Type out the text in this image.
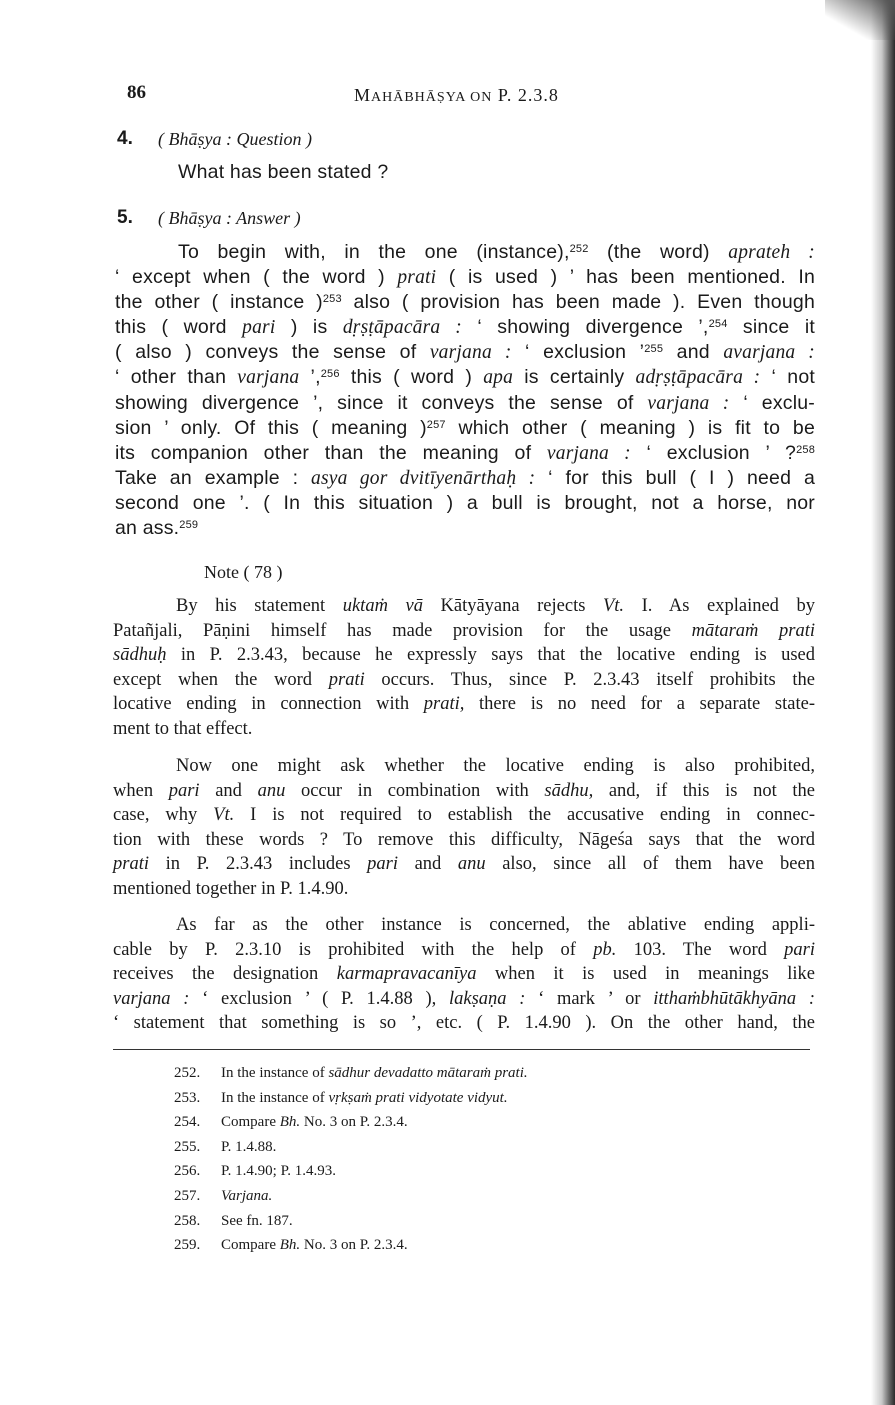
86	MAHĀBHĀṢYA ON P. 2.3.8
4. ( Bhāṣya : Question )
What has been stated ?
5. ( Bhāṣya : Answer )
To begin with, in the one (instance),$^{252}$ (the word) aprateh :
‘ except when ( the word ) prati ( is used ) ’ has been mentioned. In
the other ( instance )$^{253}$ also ( provision has been made ). Even though
this ( word pari ) is dṛṣṭāpacāra : ‘ showing divergence ’,$^{254}$ since it
( also ) conveys the sense of varjana : ‘ exclusion ’$^{255}$ and avarjana :
‘ other than varjana ’,$^{256}$ this ( word ) apa is certainly adṛṣṭāpacāra : ‘ not
showing divergence ’, since it conveys the sense of varjana : ‘ exclu-
sion ’ only. Of this ( meaning )$^{257}$ which other ( meaning ) is fit to be
its companion other than the meaning of varjana : ‘ exclusion ’ ?$^{258}$
Take an example : asya gor dvitīyenārthaḥ : ‘ for this bull ( I ) need a
second one ’. ( In this situation ) a bull is brought, not a horse, nor
an ass.$^{259}$
Note ( 78 )
By his statement uktaṁ vā Kātyāyana rejects Vt. I. As explained by
Patañjali, Pāṇini himself has made provision for the usage mātaraṁ prati
sādhuḥ in P. 2.3.43, because he expressly says that the locative ending is used
except when the word prati occurs. Thus, since P. 2.3.43 itself prohibits the
locative ending in connection with prati, there is no need for a separate state-
ment to that effect.
Now one might ask whether the locative ending is also prohibited,
when pari and anu occur in combination with sādhu, and, if this is not the
case, why Vt. I is not required to establish the accusative ending in connec-
tion with these words ? To remove this difficulty, Nāgeśa says that the word
prati in P. 2.3.43 includes pari and anu also, since all of them have been
mentioned together in P. 1.4.90.
As far as the other instance is concerned, the ablative ending appli-
cable by P. 2.3.10 is prohibited with the help of pb. 103. The word pari
receives the designation karmapravacanīya when it is used in meanings like
varjana : ‘ exclusion ’ ( P. 1.4.88 ), lakṣaṇa : ‘ mark ’ or itthaṁbhūtākhyāna :
‘ statement that something is so ’, etc. ( P. 1.4.90 ). On the other hand, the
252. In the instance of sādhur devadatto mātaraṁ prati.
253. In the instance of vṛkṣaṁ prati vidyotate vidyut.
254. Compare Bh. No. 3 on P. 2.3.4.
255. P. 1.4.88.
256. P. 1.4.90; P. 1.4.93.
257. Varjana.
258. See fn. 187.
259. Compare Bh. No. 3 on P. 2.3.4.
